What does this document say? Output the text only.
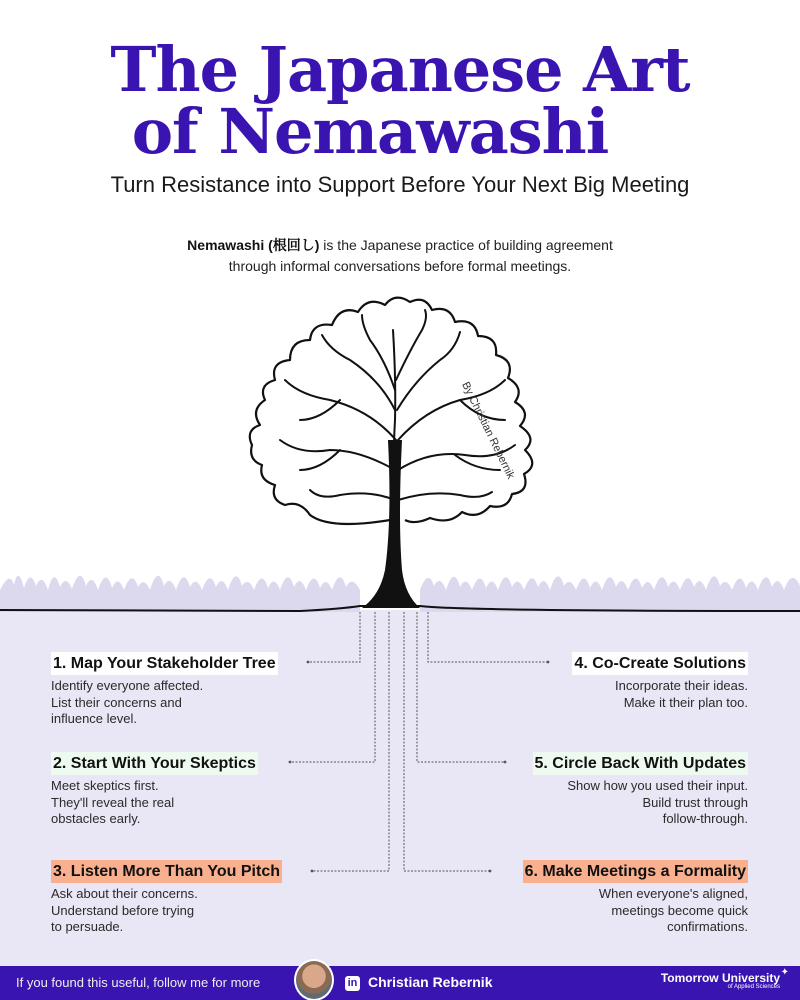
The Japanese Art
of Nemawashi
Turn Resistance into Support Before Your Next Big Meeting
Nemawashi (根回し) is the Japanese practice of building agreement
through informal conversations before formal meetings.
By Christian Rebernik
1. Map Your Stakeholder Tree
Identify everyone affected.
List their concerns and
influence level.
2. Start With Your Skeptics
Meet skeptics first.
They'll reveal the real
obstacles early.
3. Listen More Than You Pitch
Ask about their concerns.
Understand before trying
to persuade.
4. Co-Create Solutions
Incorporate their ideas.
Make it their plan too.
5. Circle Back With Updates
Show how you used their input.
Build trust through
follow-through.
6. Make Meetings a Formality
When everyone's aligned,
meetings become quick
confirmations.
If you found this useful, follow me for more	in Christian Rebernik	Tomorrow University
of Applied Sciences
✦
